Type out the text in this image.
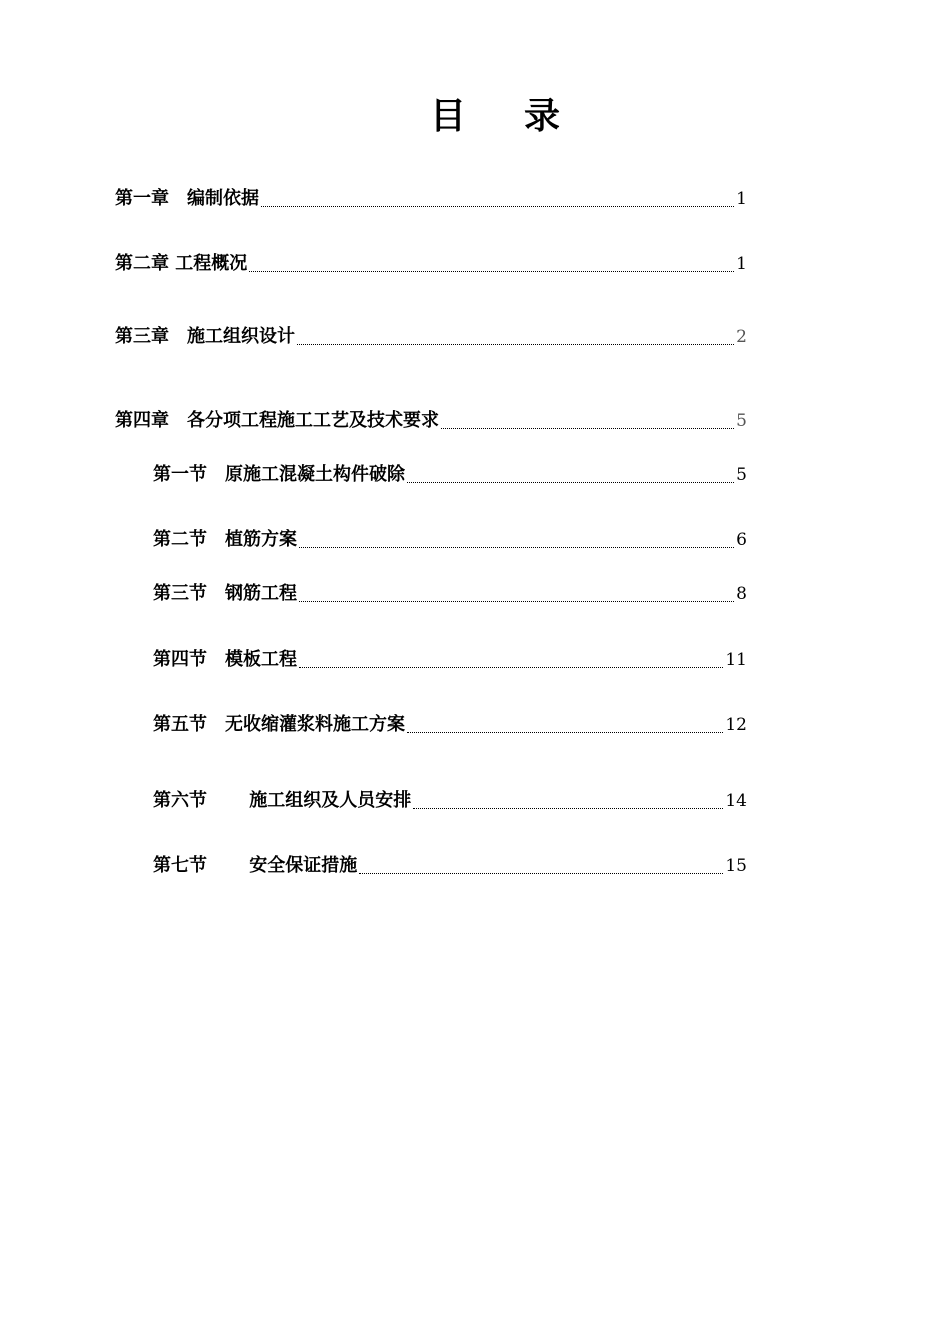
目 录
第一章　编制依据	1
第二章 工程概况	1
第三章　施工组织设计	2
第四章　各分项工程施工工艺及技术要求	5
第一节　原施工混凝土构件破除	5
第二节　植筋方案	6
第三节　钢筋工程	8
第四节　模板工程	11
第五节　无收缩灌浆料施工方案	12
第六节　　 施工组织及人员安排	14
第七节　　 安全保证措施	15
